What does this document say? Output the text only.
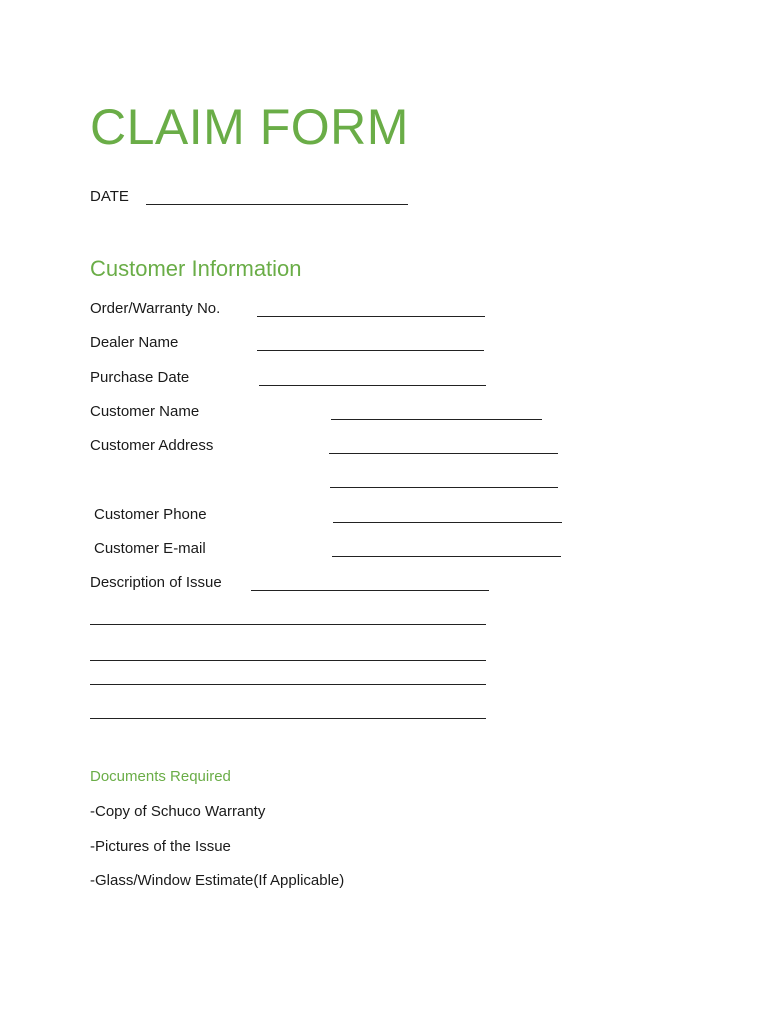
CLAIM FORM
DATE
Customer Information
Order/Warranty No.
Dealer Name
Purchase Date
Customer Name
Customer Address
Customer Phone
Customer E-mail
Description of Issue
Documents Required
-Copy of Schuco Warranty
-Pictures of the Issue
-Glass/Window Estimate(If Applicable)
